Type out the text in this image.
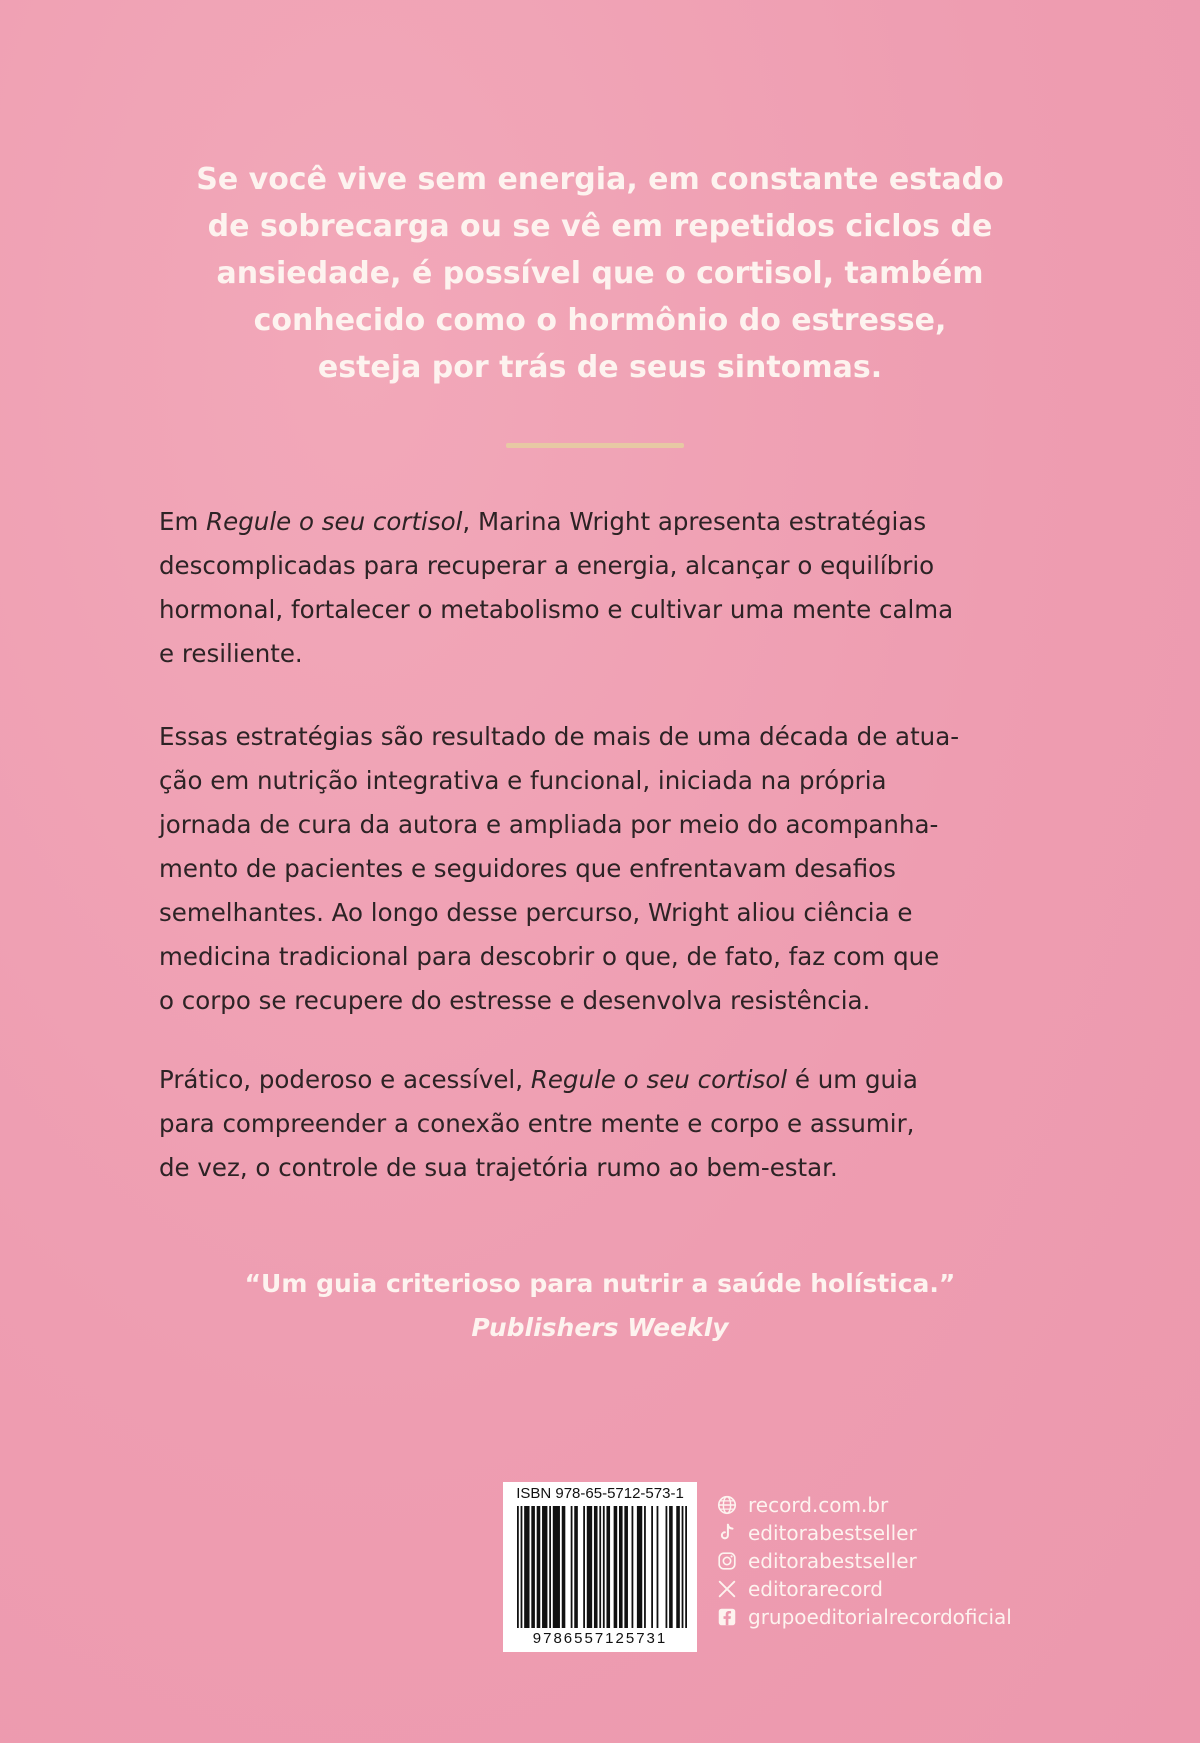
Se você vive sem energia, em constante estado
de sobrecarga ou se vê em repetidos ciclos de
ansiedade, é possível que o cortisol, também
conhecido como o hormônio do estresse,
esteja por trás de seus sintomas.

Em Regule o seu cortisol, Marina Wright apresenta estratégias
descomplicadas para recuperar a energia, alcançar o equilíbrio
hormonal, fortalecer o metabolismo e cultivar uma mente calma
e resiliente.

Essas estratégias são resultado de mais de uma década de atua-
ção em nutrição integrativa e funcional, iniciada na própria
jornada de cura da autora e ampliada por meio do acompanha-
mento de pacientes e seguidores que enfrentavam desafios
semelhantes. Ao longo desse percurso, Wright aliou ciência e
medicina tradicional para descobrir o que, de fato, faz com que
o corpo se recupere do estresse e desenvolva resistência.

Prático, poderoso e acessível, Regule o seu cortisol é um guia
para compreender a conexão entre mente e corpo e assumir,
de vez, o controle de sua trajetória rumo ao bem-estar.

“Um guia criterioso para nutrir a saúde holística.”
Publishers Weekly

ISBN 978-65-5712-573-1
9786557125731
record.com.br
editorabestseller
editorabestseller
editorarecord
grupoeditorialrecordoficial
